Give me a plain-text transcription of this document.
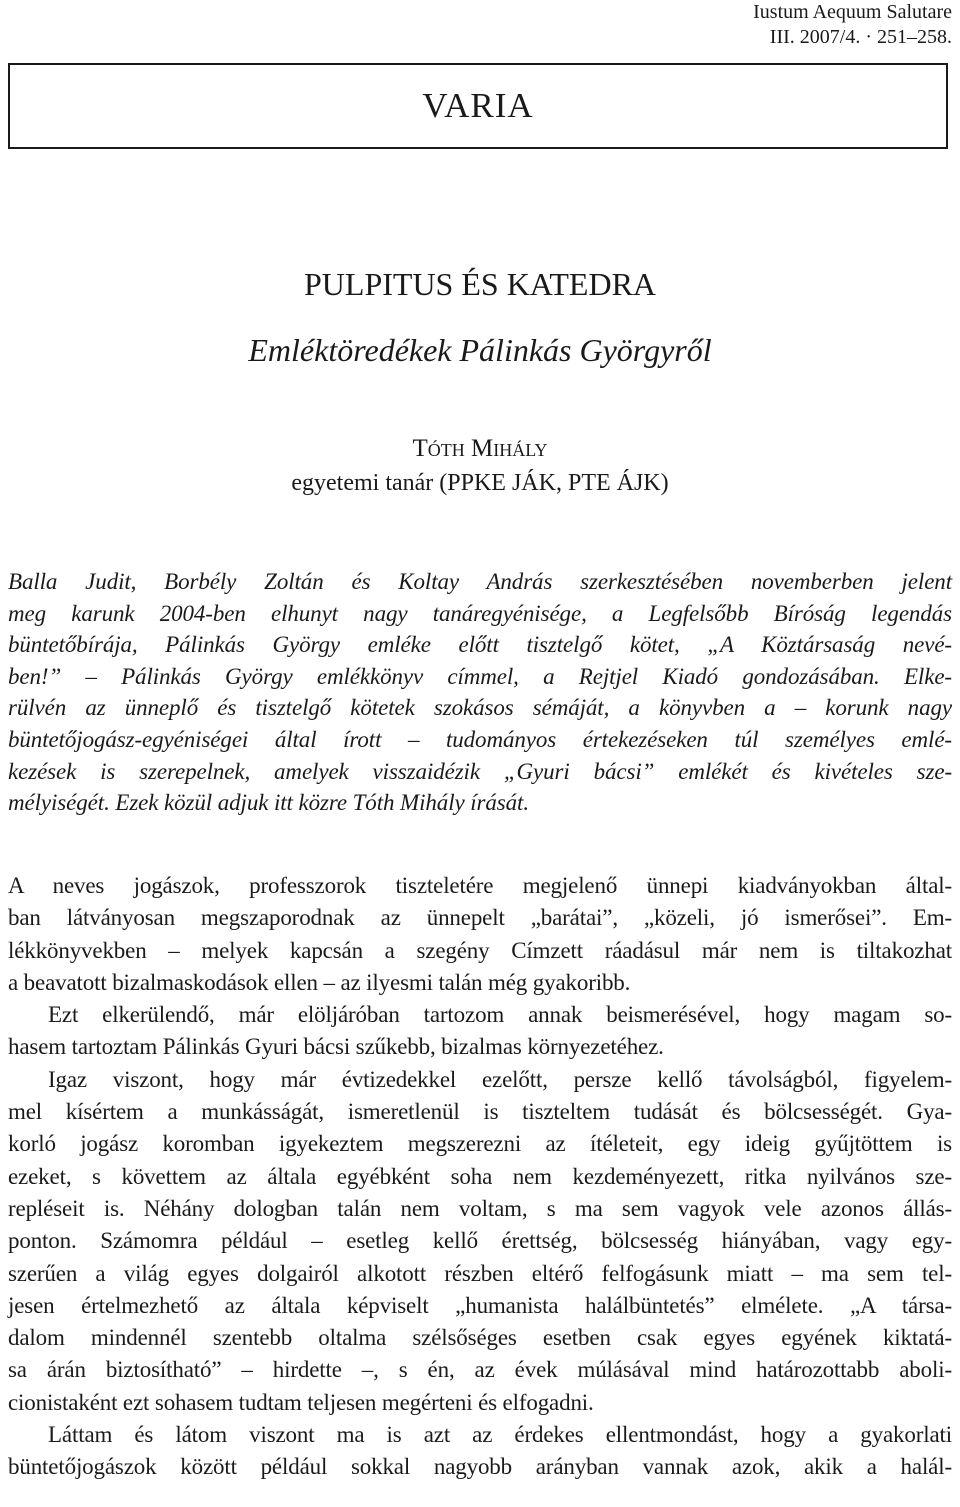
Iustum Aequum Salutare
III. 2007/4. · 251–258.
VARIA
PULPITUS ÉS KATEDRA
Emléktöredékek Pálinkás Györgyről
Tóth Mihály
egyetemi tanár (PPKE JÁK, PTE ÁJK)
Balla Judit, Borbély Zoltán és Koltay András szerkesztésében novemberben jelent
meg karunk 2004-ben elhunyt nagy tanáregyénisége, a Legfelsőbb Bíróság legendás
büntetőbírája, Pálinkás György emléke előtt tisztelgő kötet, „A Köztársaság nevé-
ben!” – Pálinkás György emlékkönyv címmel, a Rejtjel Kiadó gondozásában. Elke-
rülvén az ünneplő és tisztelgő kötetek szokásos sémáját, a könyvben a – korunk nagy
büntetőjogász-egyéniségei által írott – tudományos értekezéseken túl személyes emlé-
kezések is szerepelnek, amelyek visszaidézik „Gyuri bácsi” emlékét és kivételes sze-
mélyiségét. Ezek közül adjuk itt közre Tóth Mihály írását.
A neves jogászok, professzorok tiszteletére megjelenő ünnepi kiadványokban által-
ban látványosan megszaporodnak az ünnepelt „barátai”, „közeli, jó ismerősei”. Em-
lékkönyvekben – melyek kapcsán a szegény Címzett ráadásul már nem is tiltakozhat
a beavatott bizalmaskodások ellen – az ilyesmi talán még gyakoribb.
Ezt elkerülendő, már elöljáróban tartozom annak beismerésével, hogy magam so-
hasem tartoztam Pálinkás Gyuri bácsi szűkebb, bizalmas környezetéhez.
Igaz viszont, hogy már évtizedekkel ezelőtt, persze kellő távolságból, figyelem-
mel kísértem a munkásságát, ismeretlenül is tiszteltem tudását és bölcsességét. Gya-
korló jogász koromban igyekeztem megszerezni az ítéleteit, egy ideig gyűjtöttem is
ezeket, s követtem az általa egyébként soha nem kezdeményezett, ritka nyilvános sze-
repléseit is. Néhány dologban talán nem voltam, s ma sem vagyok vele azonos állás-
ponton. Számomra például – esetleg kellő érettség, bölcsesség hiányában, vagy egy-
szerűen a világ egyes dolgairól alkotott részben eltérő felfogásunk miatt – ma sem tel-
jesen értelmezhető az általa képviselt „humanista halálbüntetés” elmélete. „A társa-
dalom mindennél szentebb oltalma szélsőséges esetben csak egyes egyének kiktatá-
sa árán biztosítható” – hirdette –, s én, az évek múlásával mind határozottabb aboli-
cionistaként ezt sohasem tudtam teljesen megérteni és elfogadni.
Láttam és látom viszont ma is azt az érdekes ellentmondást, hogy a gyakorlati
büntetőjogászok között például sokkal nagyobb arányban vannak azok, akik a halál-
